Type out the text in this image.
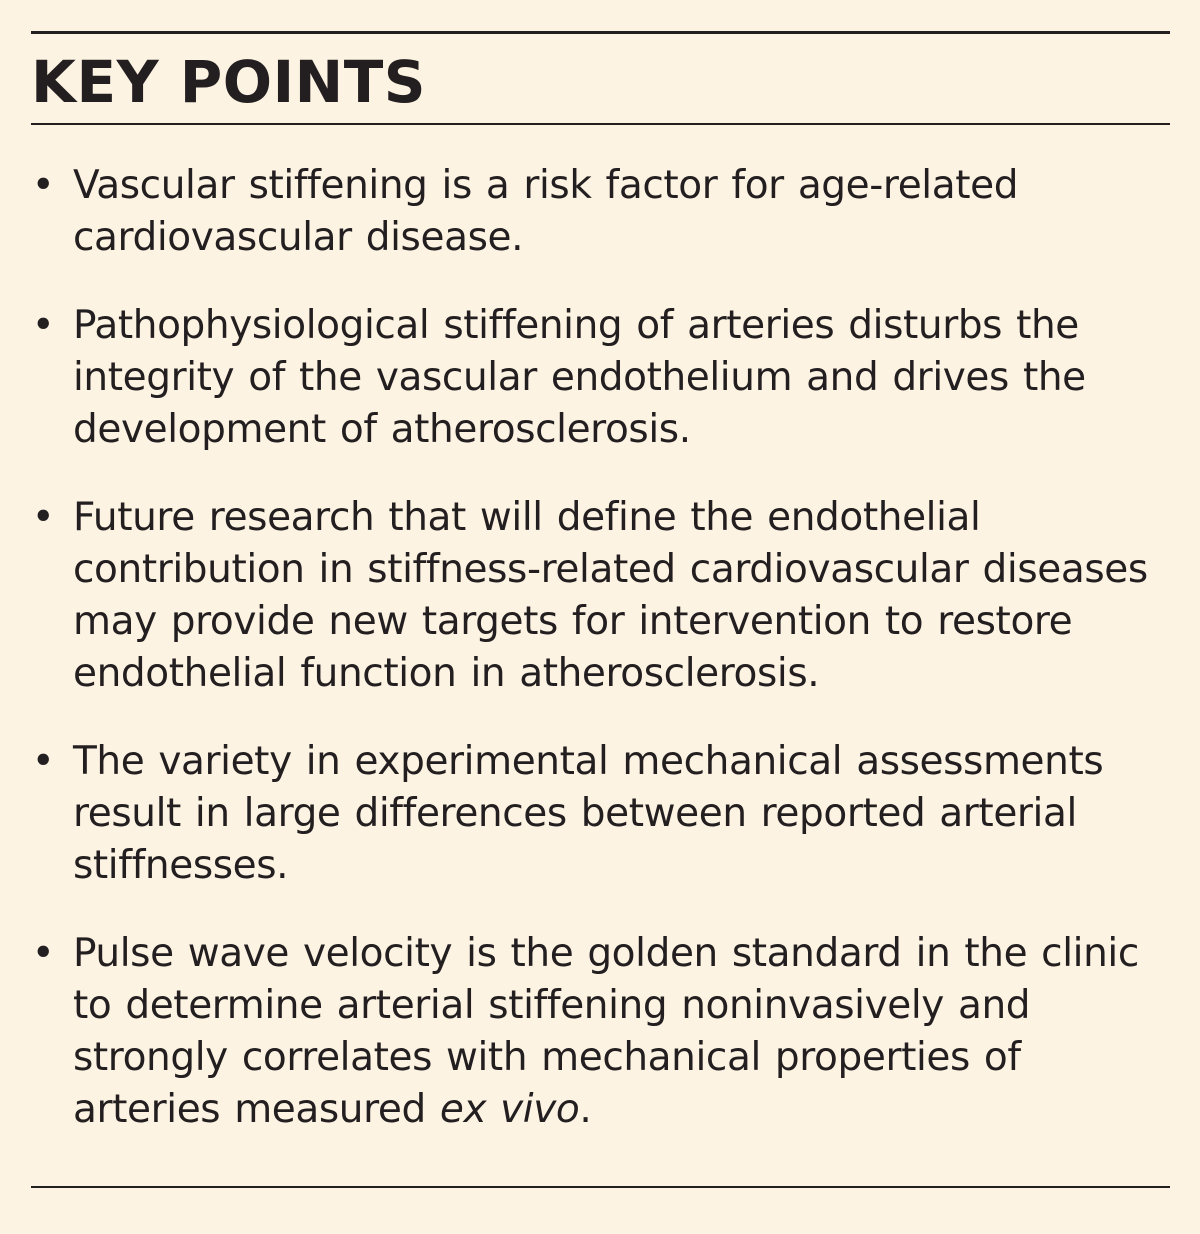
KEY POINTS
• Vascular stiffening is a risk factor for age-related cardiovascular disease.
• Pathophysiological stiffening of arteries disturbs the integrity of the vascular endothelium and drives the development of atherosclerosis.
• Future research that will define the endothelial contribution in stiffness-related cardiovascular diseases may provide new targets for intervention to restore endothelial function in atherosclerosis.
• The variety in experimental mechanical assessments result in large differences between reported arterial stiffnesses.
• Pulse wave velocity is the golden standard in the clinic to determine arterial stiffening noninvasively and strongly correlates with mechanical properties of arteries measured ex vivo.
